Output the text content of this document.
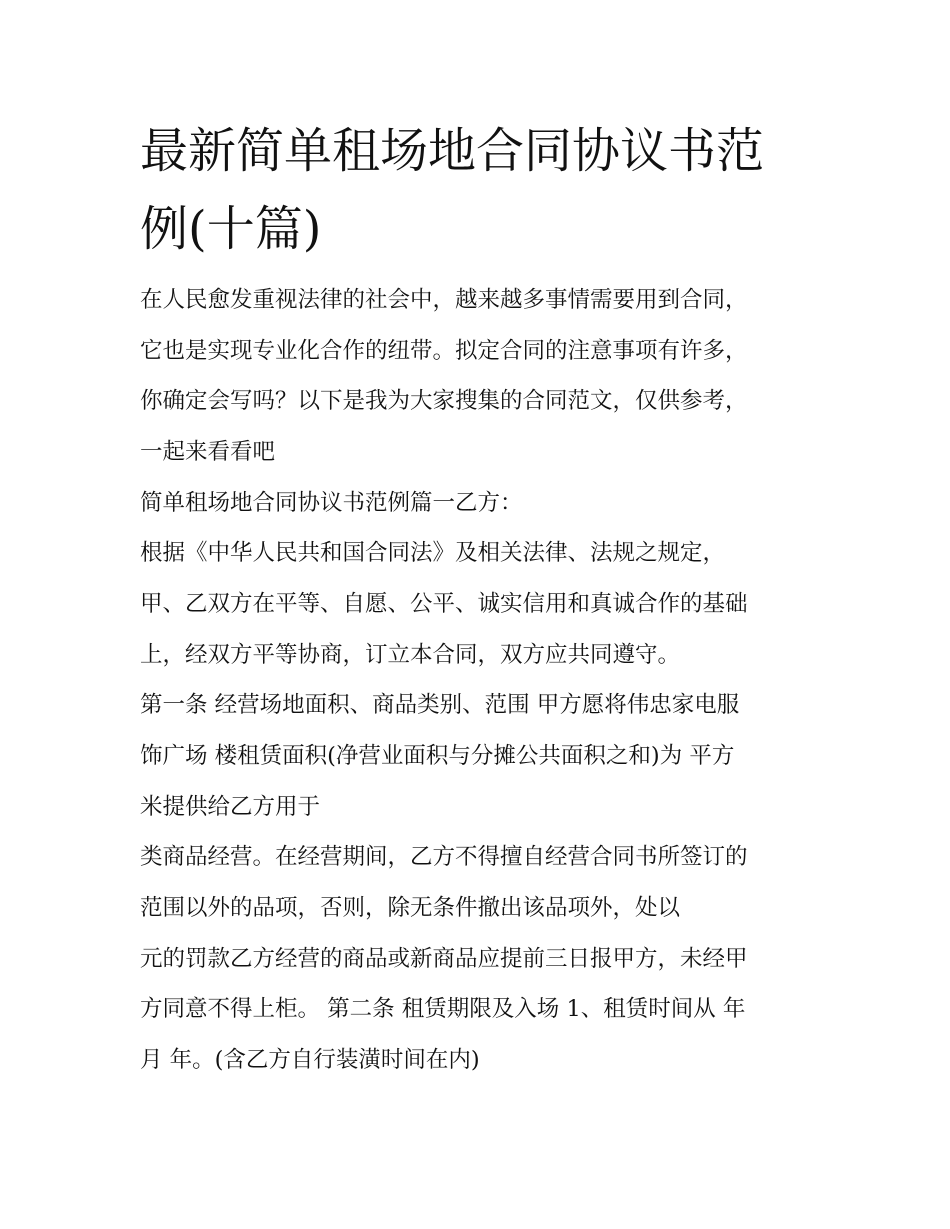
最新简单租场地合同协议书范
例(十篇)

在人民愈发重视法律的社会中，越来越多事情需要用到合同，

它也是实现专业化合作的纽带。拟定合同的注意事项有许多，

你确定会写吗？以下是我为大家搜集的合同范文，仅供参考，

一起来看看吧

简单租场地合同协议书范例篇一乙方：

根据《中华人民共和国合同法》及相关法律、法规之规定，

甲、乙双方在平等、自愿、公平、诚实信用和真诚合作的基础

上，经双方平等协商，订立本合同，双方应共同遵守。

第一条 经营场地面积、商品类别、范围 甲方愿将伟忠家电服

饰广场 楼租赁面积(净营业面积与分摊公共面积之和)为 平方

米提供给乙方用于

类商品经营。在经营期间，乙方不得擅自经营合同书所签订的

范围以外的品项，否则，除无条件撤出该品项外，处以

元的罚款乙方经营的商品或新商品应提前三日报甲方，未经甲

方同意不得上柜。 第二条 租赁期限及入场 1、租赁时间从 年

月 年。(含乙方自行装潢时间在内)
